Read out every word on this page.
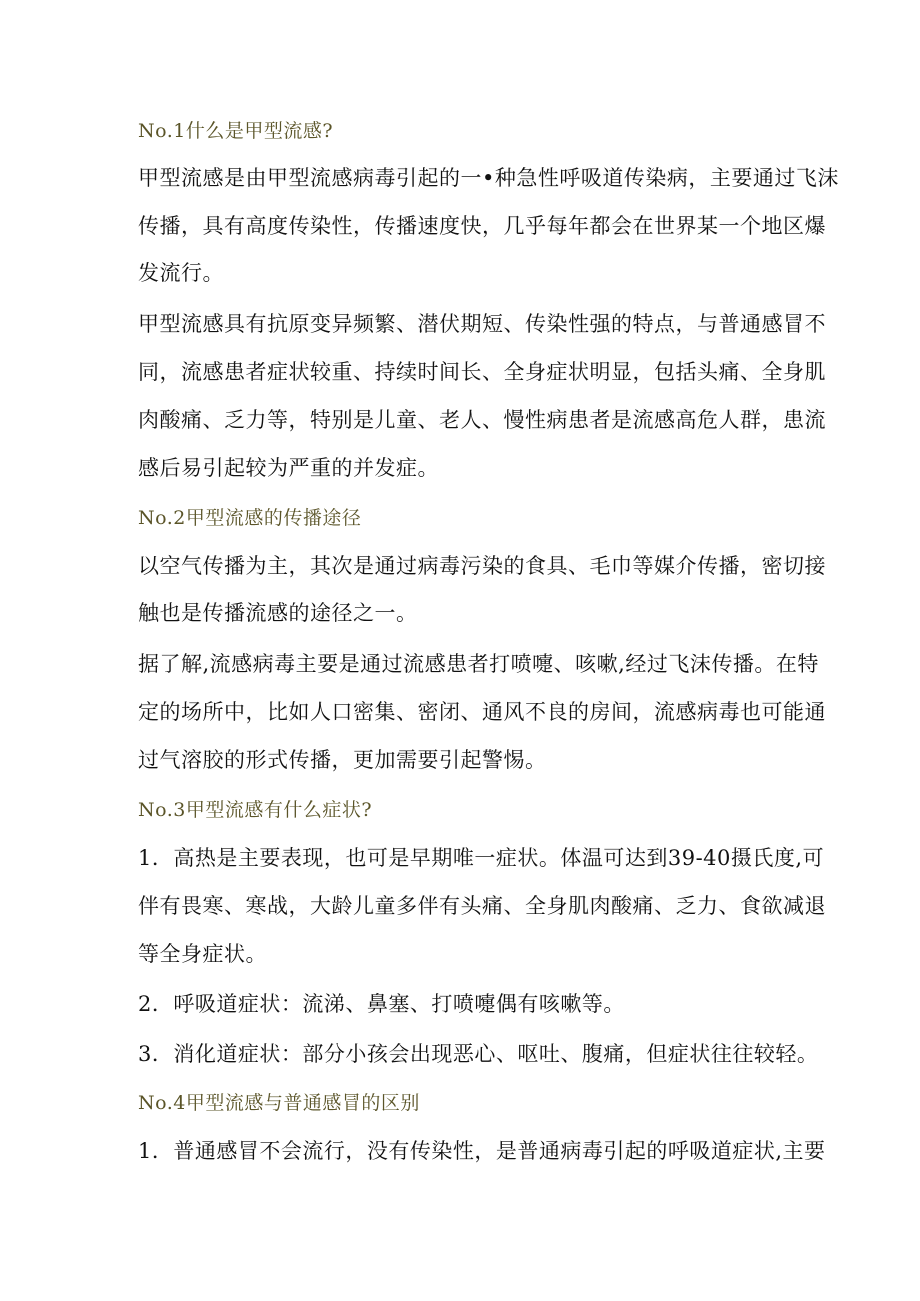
No.1什么是甲型流感?
甲型流感是由甲型流感病毒引起的一•种急性呼吸道传染病，主要通过飞沫
传播，具有高度传染性，传播速度快，几乎每年都会在世界某一个地区爆
发流行。
甲型流感具有抗原变异频繁、潜伏期短、传染性强的特点，与普通感冒不
同，流感患者症状较重、持续时间长、全身症状明显，包括头痛、全身肌
肉酸痛、乏力等，特别是儿童、老人、慢性病患者是流感高危人群，患流
感后易引起较为严重的并发症。
No.2甲型流感的传播途径
以空气传播为主，其次是通过病毒污染的食具、毛巾等媒介传播，密切接
触也是传播流感的途径之一。
据了解,流感病毒主要是通过流感患者打喷嚏、咳嗽,经过飞沫传播。在特
定的场所中，比如人口密集、密闭、通风不良的房间，流感病毒也可能通
过气溶胶的形式传播，更加需要引起警惕。
No.3甲型流感有什么症状?
1．高热是主要表现，也可是早期唯一症状。体温可达到39-40摄氏度,可
伴有畏寒、寒战，大龄儿童多伴有头痛、全身肌肉酸痛、乏力、食欲减退
等全身症状。
2．呼吸道症状：流涕、鼻塞、打喷嚏偶有咳嗽等。
3．消化道症状：部分小孩会出现恶心、呕吐、腹痛，但症状往往较轻。
No.4甲型流感与普通感冒的区别
1．普通感冒不会流行，没有传染性，是普通病毒引起的呼吸道症状,主要
